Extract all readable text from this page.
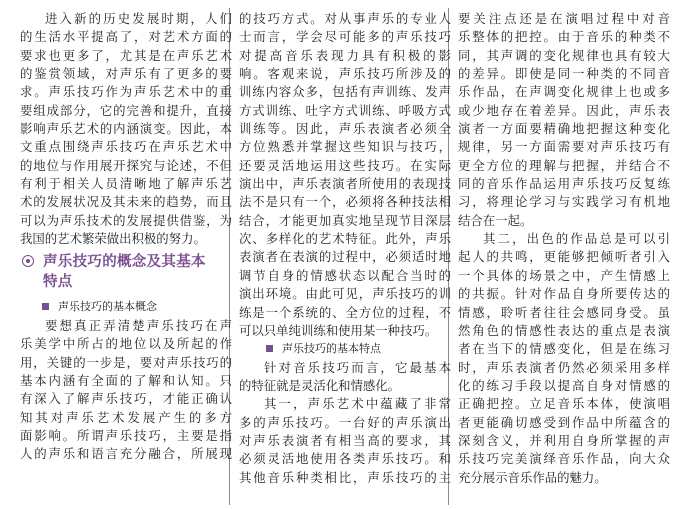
进入新的历史发展时期，人们
的生活水平提高了，对艺术方面的
要求也更多了，尤其是在声乐艺术
的鉴赏领域，对声乐有了更多的要
求。声乐技巧作为声乐艺术中的重
要组成部分，它的完善和提升，直接
影响声乐艺术的内涵演变。因此，本
文重点围绕声乐技巧在声乐艺术中
的地位与作用展开探究与论述，不但
有利于相关人员清晰地了解声乐艺
术的发展状况及其未来的趋势，而且
可以为声乐技术的发展提供借鉴，为
我国的艺术繁荣做出积极的努力。
声乐技巧的概念及其基本
特点
声乐技巧的基本概念
要想真正弄清楚声乐技巧在声
乐美学中所占的地位以及所起的作
用，关键的一步是，要对声乐技巧的
基本内涵有全面的了解和认知。只
有深入了解声乐技巧，才能正确认
知其对声乐艺术发展产生的多方
面影响。所谓声乐技巧，主要是指
人的声乐和语言充分融合，所展现
的技巧方式。对从事声乐的专业人
士而言，学会尽可能多的声乐技巧
对提高音乐表现力具有积极的影
响。客观来说，声乐技巧所涉及的
训练内容众多，包括有声训练、发声
方式训练、吐字方式训练、呼吸方式
训练等。因此，声乐表演者必须全
方位熟悉并掌握这些知识与技巧，
还要灵活地运用这些技巧。在实际
演出中，声乐表演者所使用的表现技
法不是只有一个，必须将各种技法相
结合，才能更加真实地呈现节目深层
次、多样化的艺术特征。此外，声乐
表演者在表演的过程中，必须适时地
调节自身的情感状态以配合当时的
演出环境。由此可见，声乐技巧的训
练是一个系统的、全方位的过程，不
可以只单纯训练和使用某一种技巧。
声乐技巧的基本特点
针对音乐技巧而言，它最基本
的特征就是灵活化和情感化。
其一，声乐艺术中蕴藏了非常
多的声乐技巧。一台好的声乐演出
对声乐表演者有相当高的要求，其
必须灵活地使用各类声乐技巧。和
其他音乐种类相比，声乐技巧的主
要关注点还是在演唱过程中对音
乐整体的把控。由于音乐的种类不
同，其声调的变化规律也具有较大
的差异。即使是同一种类的不同音
乐作品，在声调变化规律上也或多
或少地存在着差异。因此，声乐表
演者一方面要精确地把握这种变化
规律，另一方面需要对声乐技巧有
更全方位的理解与把握，并结合不
同的音乐作品运用声乐技巧反复练
习，将理论学习与实践学习有机地
结合在一起。
其二，出色的作品总是可以引
起人的共鸣，更能够把倾听者引入
一个具体的场景之中，产生情感上
的共振。针对作品自身所要传达的
情感，聆听者往往会感同身受。虽
然角色的情感性表达的重点是表演
者在当下的情感变化，但是在练习
时，声乐表演者仍然必须采用多样
化的练习手段以提高自身对情感的
正确把控。立足音乐本体，使演唱
者更能确切感受到作品中所蕴含的
深刻含义，并利用自身所掌握的声
乐技巧完美演绎音乐作品，向大众
充分展示音乐作品的魅力。
